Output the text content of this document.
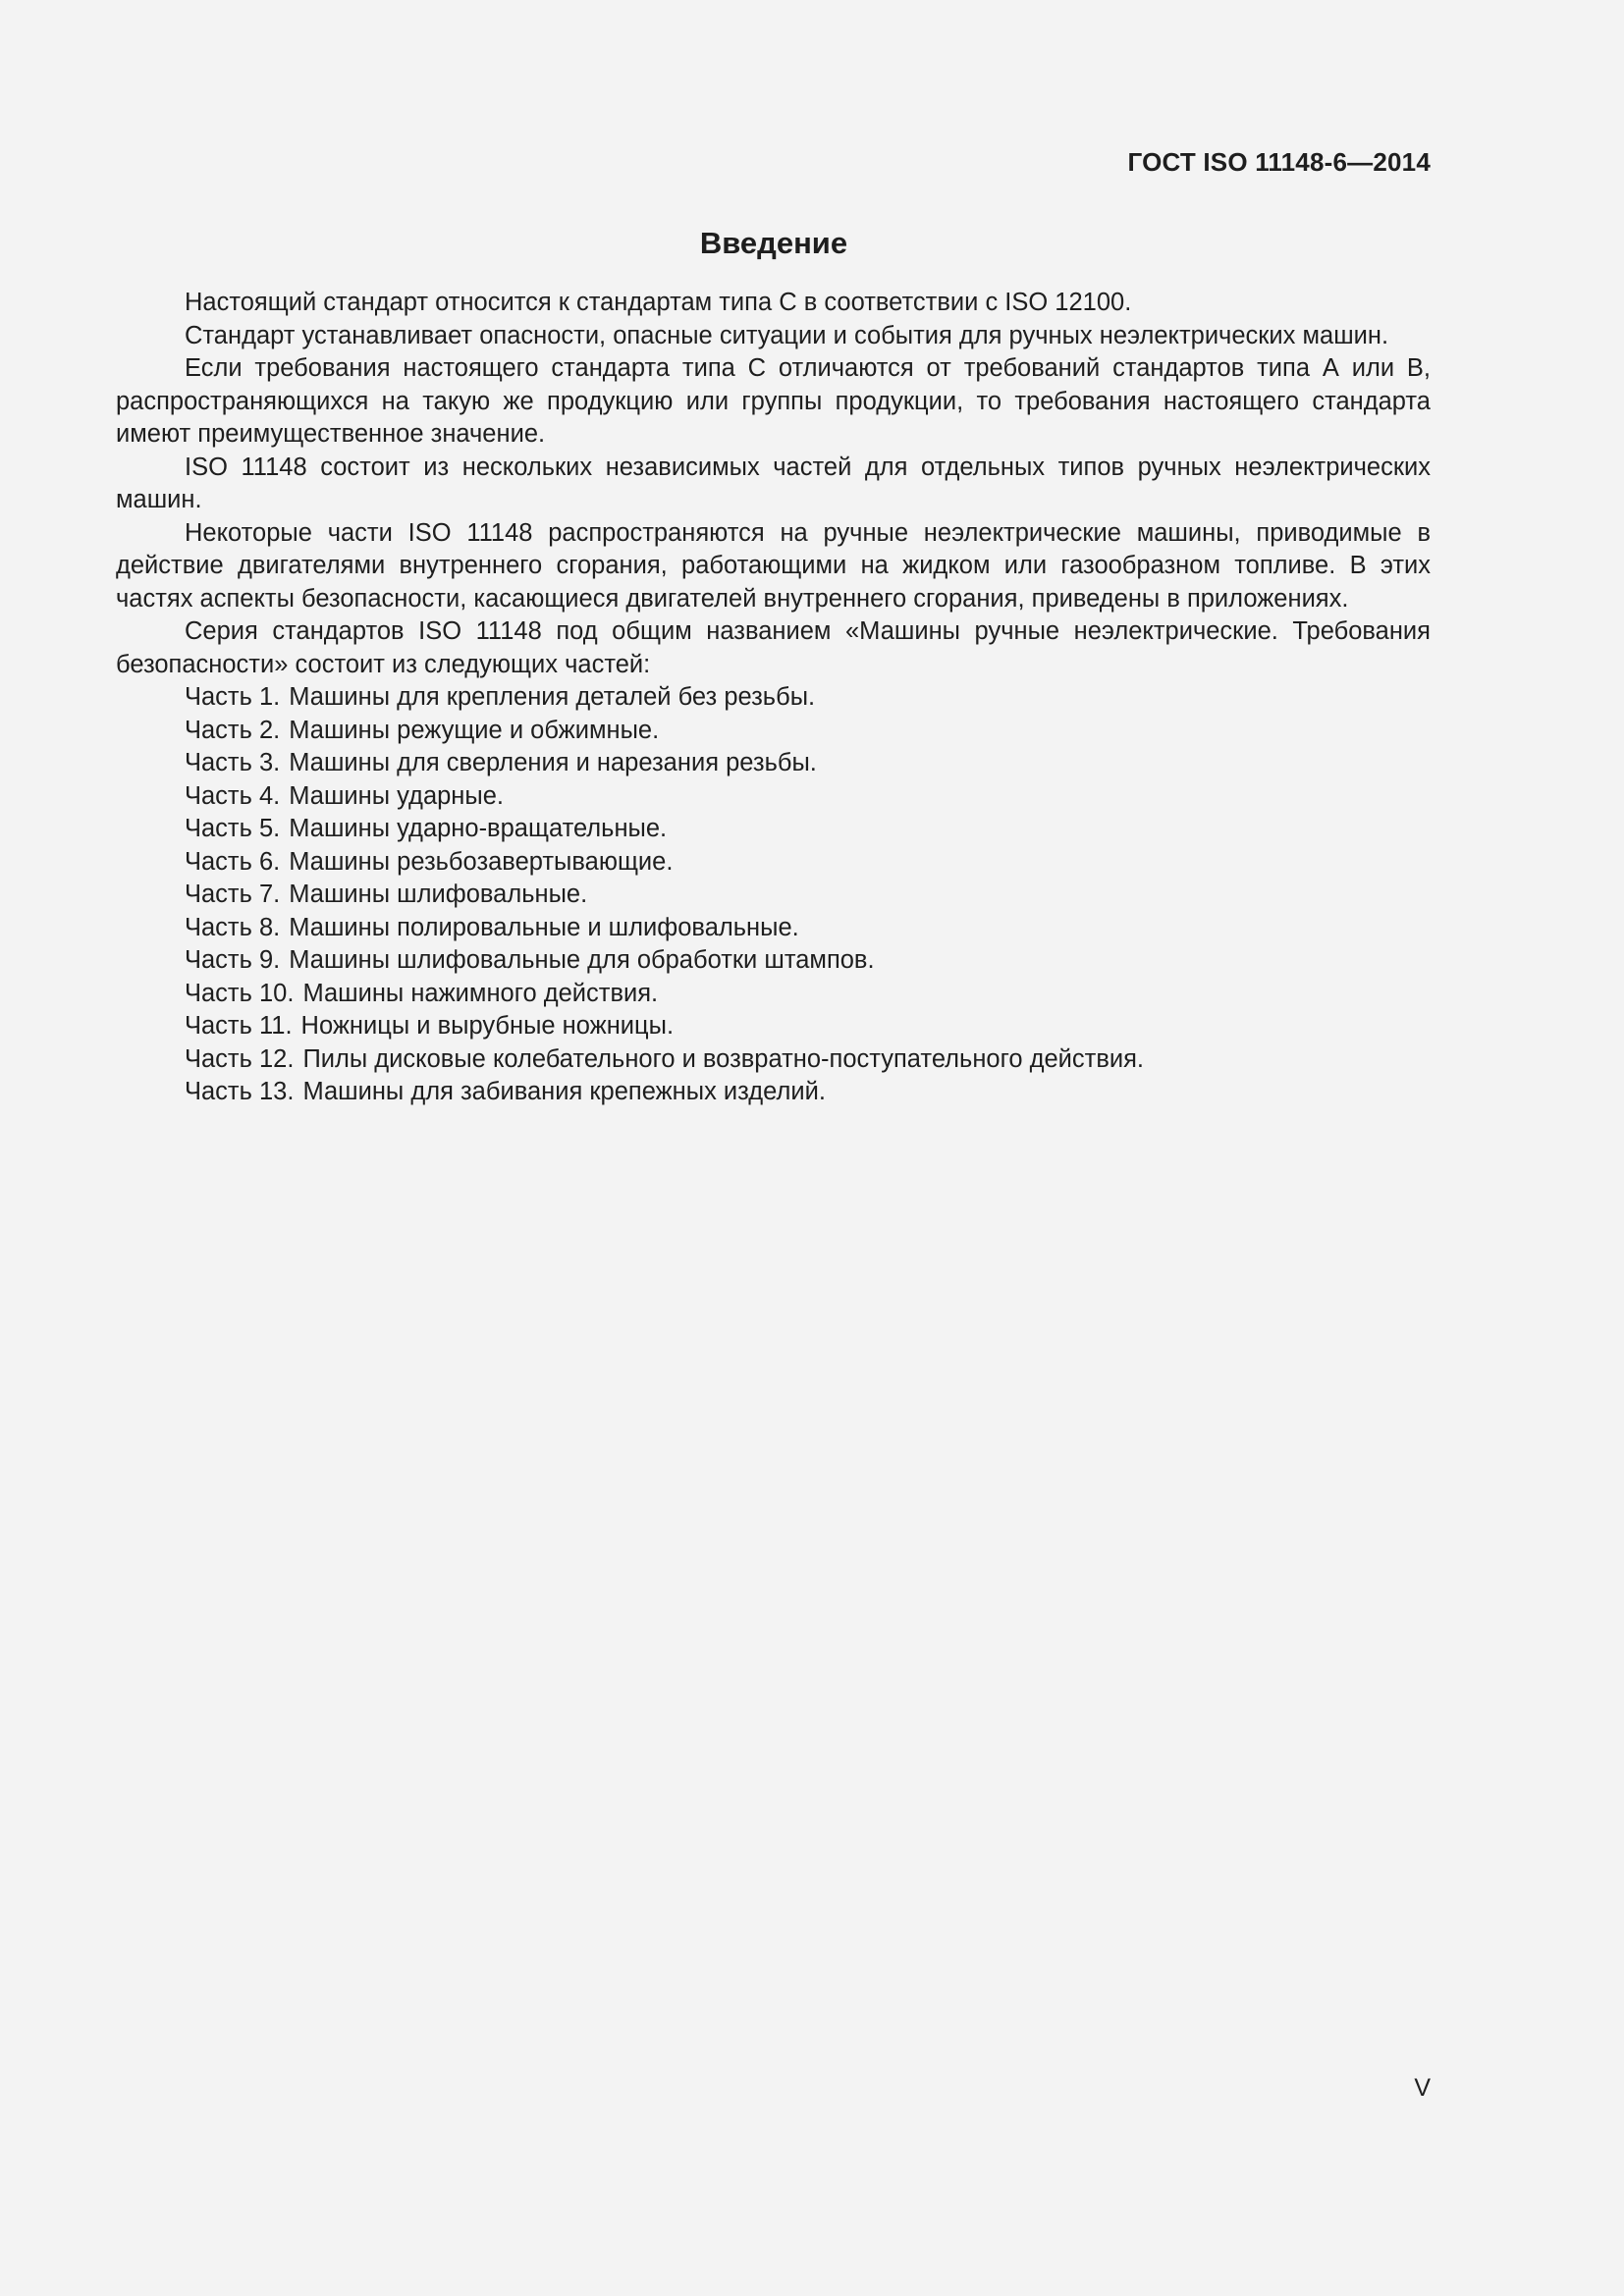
ГОСТ ISO 11148-6—2014
Введение

Настоящий стандарт относится к стандартам типа С в соответствии с ISO 12100.

Стандарт устанавливает опасности, опасные ситуации и события для ручных неэлектрических машин.

Если требования настоящего стандарта типа С отличаются от требований стандартов типа А или В, распространяющихся на такую же продукцию или группы продукции, то требования настоящего стандарта имеют преимущественное значение.

ISO 11148 состоит из нескольких независимых частей для отдельных типов ручных неэлектрических машин.

Некоторые части ISO 11148 распространяются на ручные неэлектрические машины, приводимые в действие двигателями внутреннего сгорания, работающими на жидком или газообразном топливе. В этих частях аспекты безопасности, касающиеся двигателей внутреннего сгорания, приведены в приложениях.

Серия стандартов ISO 11148 под общим названием «Машины ручные неэлектрические. Требования безопасности» состоит из следующих частей:

Часть 1. Машины для крепления деталей без резьбы.
Часть 2. Машины режущие и обжимные.
Часть 3. Машины для сверления и нарезания резьбы.
Часть 4. Машины ударные.
Часть 5. Машины ударно-вращательные.
Часть 6. Машины резьбозавертывающие.
Часть 7. Машины шлифовальные.
Часть 8. Машины полировальные и шлифовальные.
Часть 9. Машины шлифовальные для обработки штампов.
Часть 10. Машины нажимного действия.
Часть 11. Ножницы и вырубные ножницы.
Часть 12. Пилы дисковые колебательного и возвратно-поступательного действия.
Часть 13. Машины для забивания крепежных изделий.
V
